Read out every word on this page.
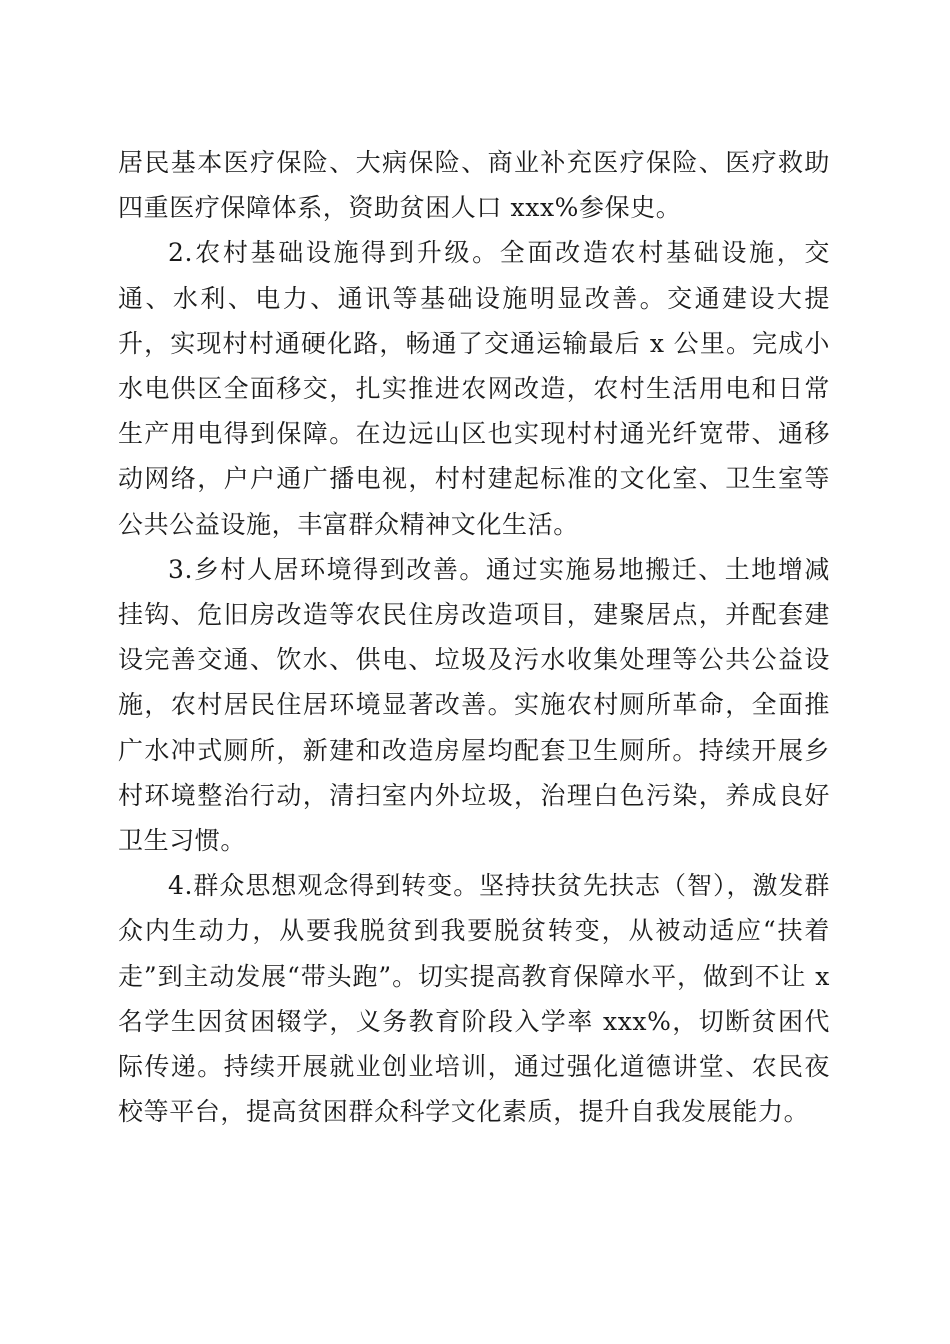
居民基本医疗保险、大病保险、商业补充医疗保险、医疗救助四重医疗保障体系，资助贫困人口 xxx%参保史。

2.农村基础设施得到升级。全面改造农村基础设施，交通、水利、电力、通讯等基础设施明显改善。交通建设大提升，实现村村通硬化路，畅通了交通运输最后 x 公里。完成小水电供区全面移交，扎实推进农网改造，农村生活用电和日常生产用电得到保障。在边远山区也实现村村通光纤宽带、通移动网络，户户通广播电视，村村建起标准的文化室、卫生室等公共公益设施，丰富群众精神文化生活。

3.乡村人居环境得到改善。通过实施易地搬迁、土地增减挂钩、危旧房改造等农民住房改造项目，建聚居点，并配套建设完善交通、饮水、供电、垃圾及污水收集处理等公共公益设施，农村居民住居环境显著改善。实施农村厕所革命，全面推广水冲式厕所，新建和改造房屋均配套卫生厕所。持续开展乡村环境整治行动，清扫室内外垃圾，治理白色污染，养成良好卫生习惯。

4.群众思想观念得到转变。坚持扶贫先扶志（智），激发群众内生动力，从要我脱贫到我要脱贫转变，从被动适应“扶着走”到主动发展“带头跑”。切实提高教育保障水平，做到不让 x 名学生因贫困辍学，义务教育阶段入学率 xxx%，切断贫困代际传递。持续开展就业创业培训，通过强化道德讲堂、农民夜校等平台，提高贫困群众科学文化素质，提升自我发展能力。
